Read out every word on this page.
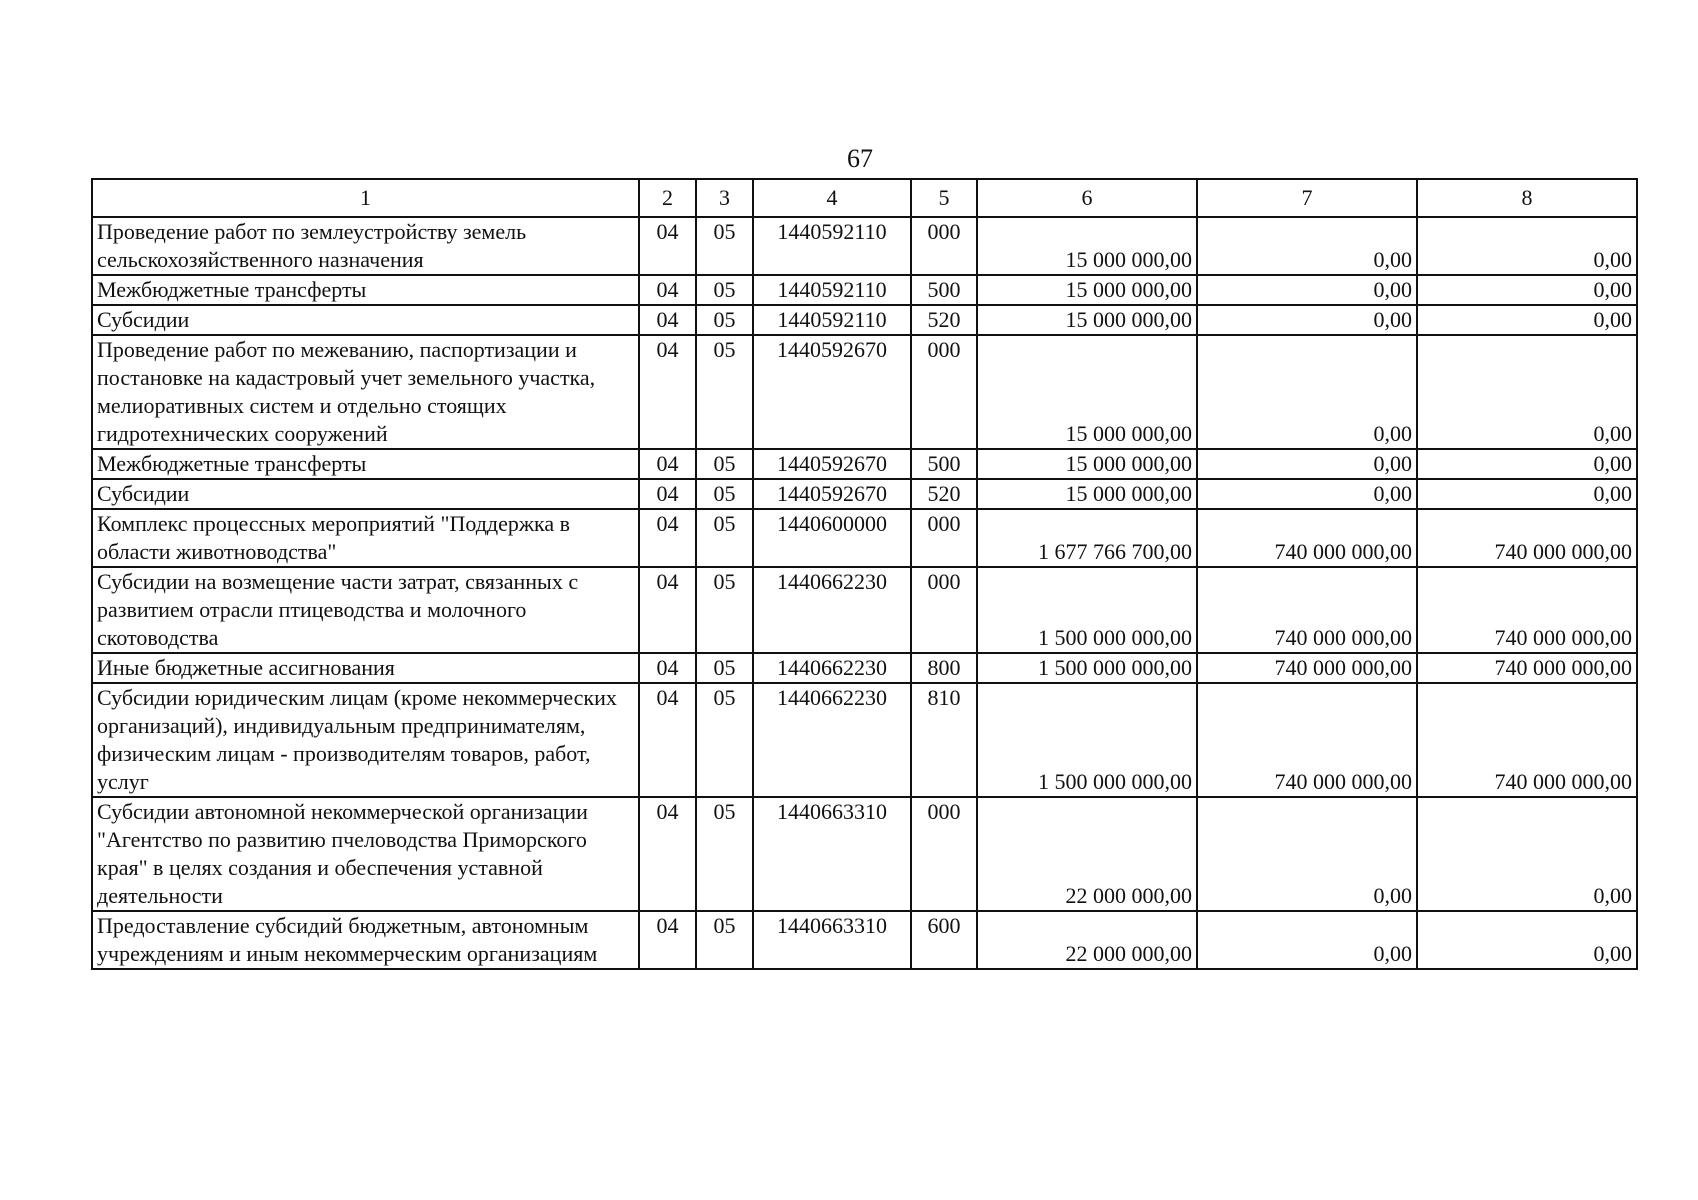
67
1	2	3	4	5	6	7	8
Проведение работ по землеустройству земель сельскохозяйственного назначения	04	05	1440592110	000	15 000 000,00	0,00	0,00
Межбюджетные трансферты	04	05	1440592110	500	15 000 000,00	0,00	0,00
Субсидии	04	05	1440592110	520	15 000 000,00	0,00	0,00
Проведение работ по межеванию, паспортизации и постановке на кадастровый учет земельного участка, мелиоративных систем и отдельно стоящих гидротехнических сооружений	04	05	1440592670	000	15 000 000,00	0,00	0,00
Межбюджетные трансферты	04	05	1440592670	500	15 000 000,00	0,00	0,00
Субсидии	04	05	1440592670	520	15 000 000,00	0,00	0,00
Комплекс процессных мероприятий "Поддержка в области животноводства"	04	05	1440600000	000	1 677 766 700,00	740 000 000,00	740 000 000,00
Субсидии на возмещение части затрат, связанных с развитием отрасли птицеводства и молочного скотоводства	04	05	1440662230	000	1 500 000 000,00	740 000 000,00	740 000 000,00
Иные бюджетные ассигнования	04	05	1440662230	800	1 500 000 000,00	740 000 000,00	740 000 000,00
Субсидии юридическим лицам (кроме некоммерческих организаций), индивидуальным предпринимателям, физическим лицам - производителям товаров, работ, услуг	04	05	1440662230	810	1 500 000 000,00	740 000 000,00	740 000 000,00
Субсидии автономной некоммерческой организации "Агентство по развитию пчеловодства Приморского края" в целях создания и обеспечения уставной деятельности	04	05	1440663310	000	22 000 000,00	0,00	0,00
Предоставление субсидий бюджетным, автономным учреждениям и иным некоммерческим организациям	04	05	1440663310	600	22 000 000,00	0,00	0,00
